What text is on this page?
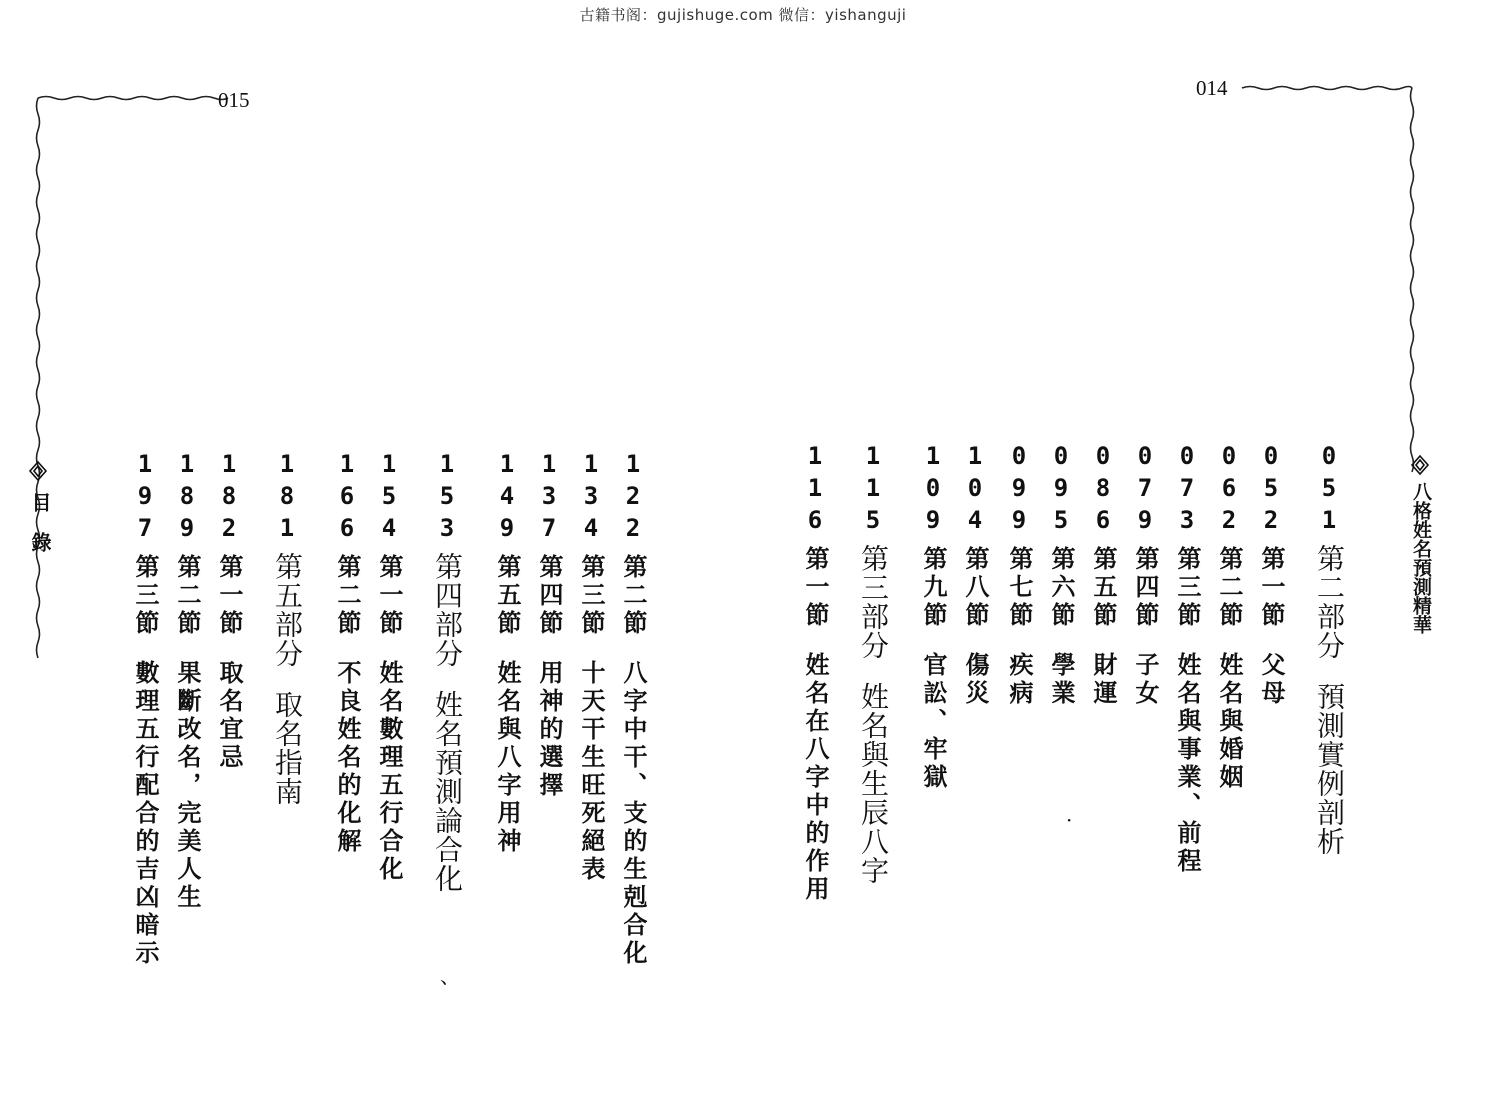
古籍书阁：gujishuge.com 微信：yishanguji
015	014
目　錄	八格姓名預測精華
122
第二節八字中干、支的生剋合化
134
第三節十天干生旺死絕表
137
第四節用神的選擇
149
第五節姓名與八字用神
153
第四部分姓名預測論合化
154
第一節姓名數理五行合化
166
第二節不良姓名的化解
181
第五部分取名指南
182
第一節取名宜忌
189
第二節果斷改名，完美人生
197
第三節數理五行配合的吉凶暗示
051
第二部分預測實例剖析
052
第一節父母
062
第二節姓名與婚姻
073
第三節姓名與事業、前程
079
第四節子女
086
第五節財運
095
第六節學業
099
第七節疾病
104
第八節傷災
109
第九節官訟、牢獄
115
第三部分姓名與生辰八字
116
第一節姓名在八字中的作用	·
、
